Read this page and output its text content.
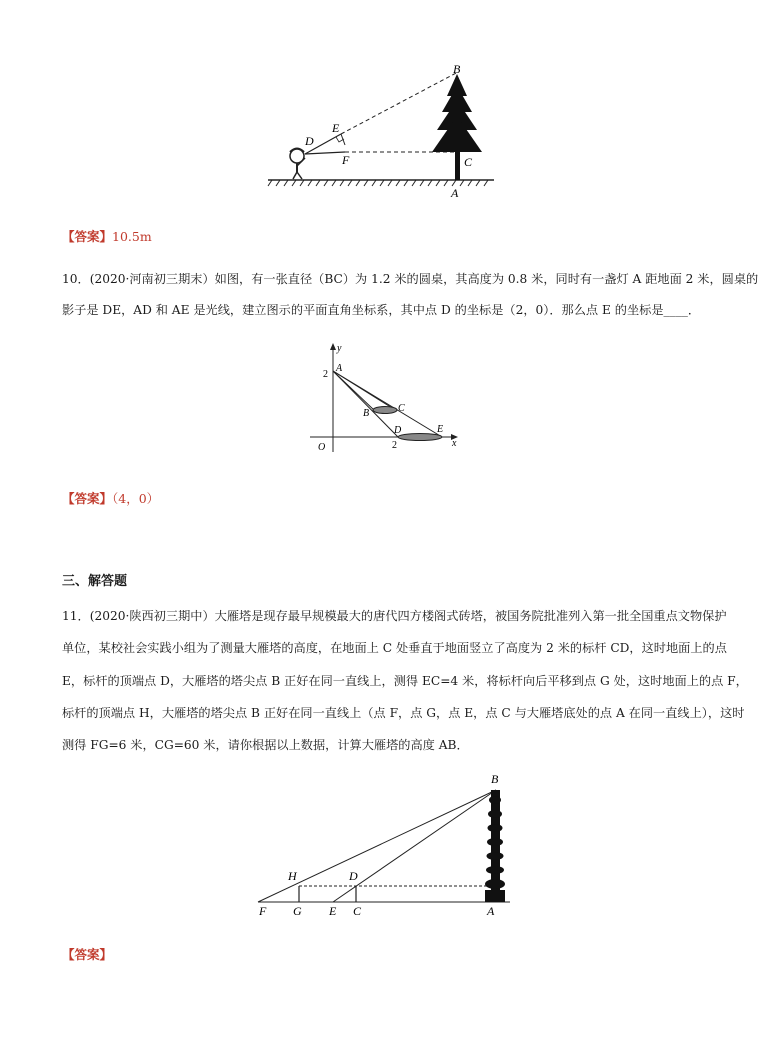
B
D
E
F	C
A
【答案】10.5m
10．(2020·河南初三期末）如图，有一张直径（BC）为 1.2 米的圆桌，其高度为 0.8 米，同时有一盏灯 A 距地面 2 米，圆桌的
影子是 DE，AD 和 AE 是光线，建立图示的平面直角坐标系，其中点 D 的坐标是（2，0）．那么点 E 的坐标是____．
y
x
O
2
2
A
B	C
D	E
【答案】（4，0）
三、解答题
11．(2020·陕西初三期中）大雁塔是现存最早规模最大的唐代四方楼阁式砖塔，被国务院批准列入第一批全国重点文物保护
单位，某校社会实践小组为了测量大雁塔的高度，在地面上 C 处垂直于地面竖立了高度为 2 米的标杆 CD，这时地面上的点
E，标杆的顶端点 D，大雁塔的塔尖点 B 正好在同一直线上，测得 EC=4 米，将标杆向后平移到点 G 处，这时地面上的点 F，
标杆的顶端点 H，大雁塔的塔尖点 B 正好在同一直线上（点 F，点 G，点 E，点 C 与大雁塔底处的点 A 在同一直线上），这时
测得 FG=6 米，CG=60 米，请你根据以上数据，计算大雁塔的高度 AB．
B
H	D
F G E C	A
【答案】
